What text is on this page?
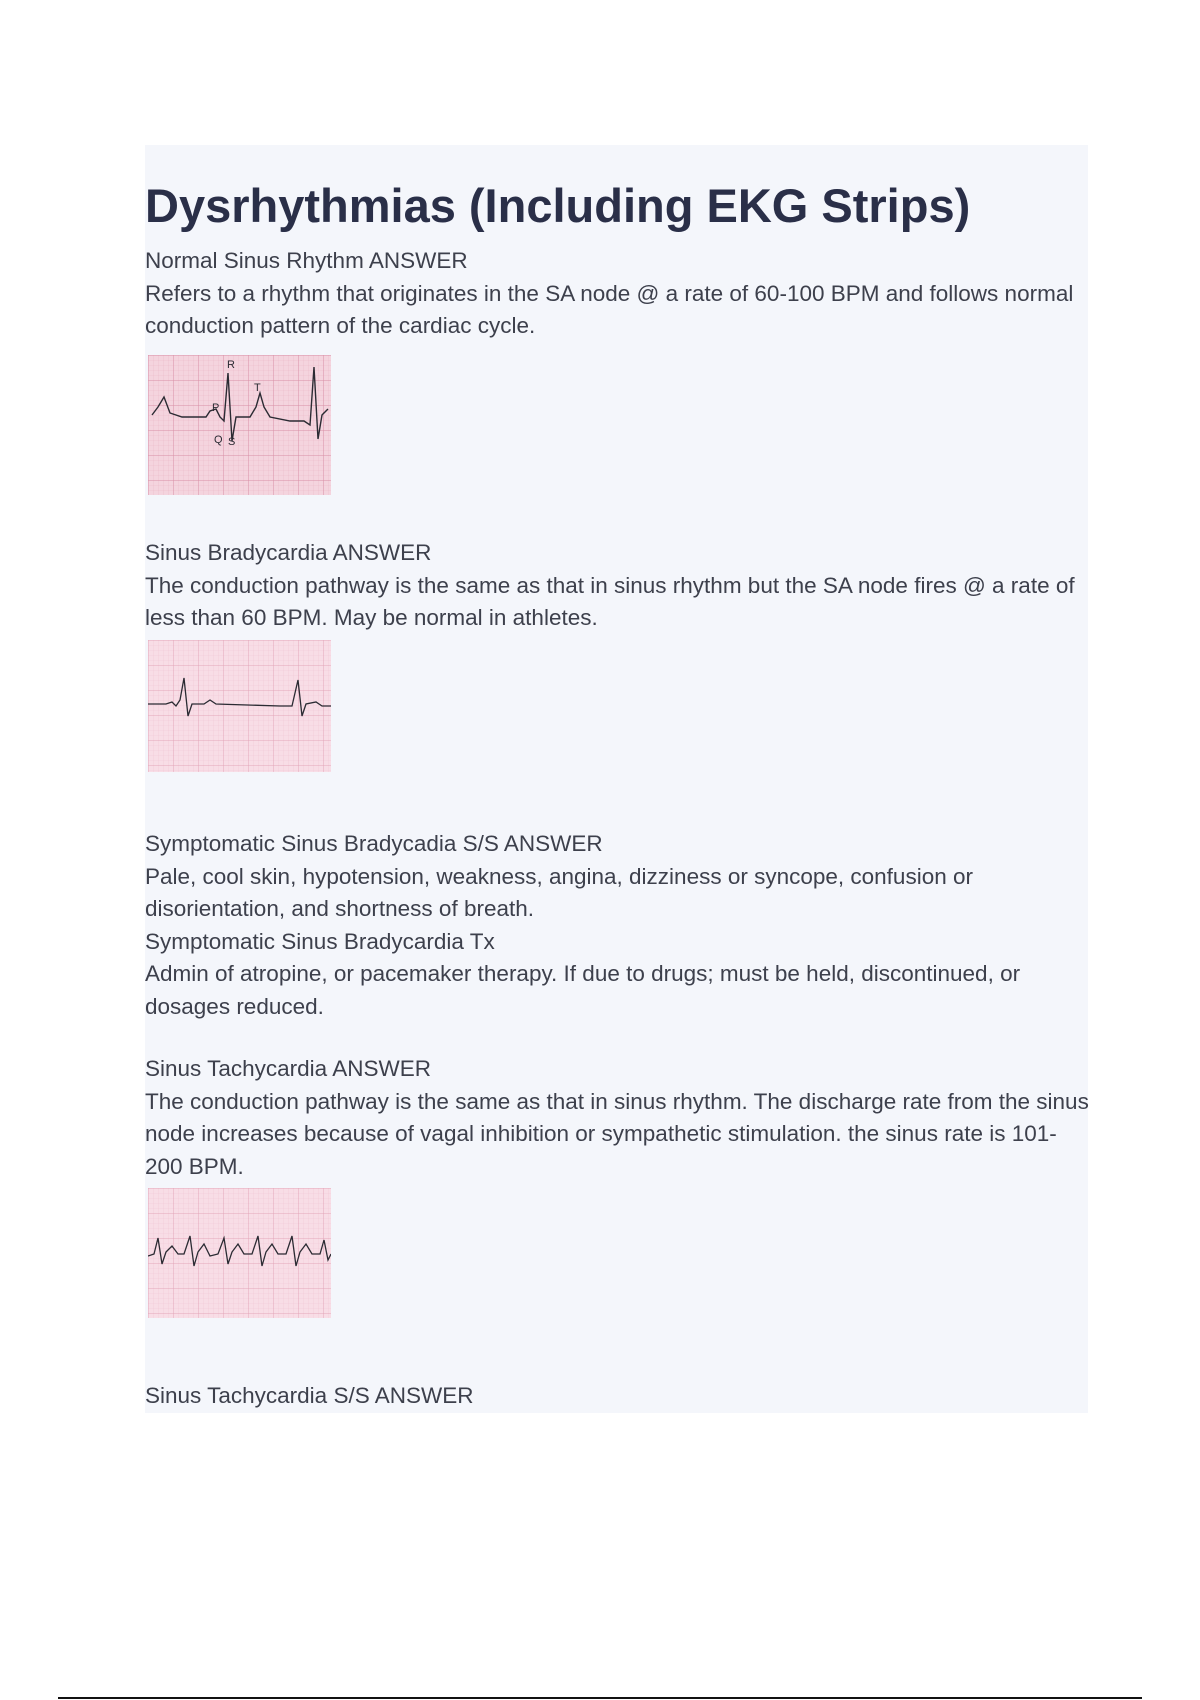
Dysrhythmias (Including EKG Strips)

Normal Sinus Rhythm ANSWER

Refers to a rhythm that originates in the SA node @ a rate of 60-100 BPM and follows normal conduction pattern of the cardiac cycle.

R
T
P
Q S

Sinus Bradycardia ANSWER

The conduction pathway is the same as that in sinus rhythm but the SA node fires @ a rate of less than 60 BPM. May be normal in athletes.

Symptomatic Sinus Bradycadia S/S ANSWER

Pale, cool skin, hypotension, weakness, angina, dizziness or syncope, confusion or disorientation, and shortness of breath.

Symptomatic Sinus Bradycardia Tx

Admin of atropine, or pacemaker therapy. If due to drugs; must be held, discontinued, or dosages reduced.

Sinus Tachycardia ANSWER

The conduction pathway is the same as that in sinus rhythm. The discharge rate from the sinus node increases because of vagal inhibition or sympathetic stimulation. the sinus rate is 101-200 BPM.

Sinus Tachycardia S/S ANSWER
